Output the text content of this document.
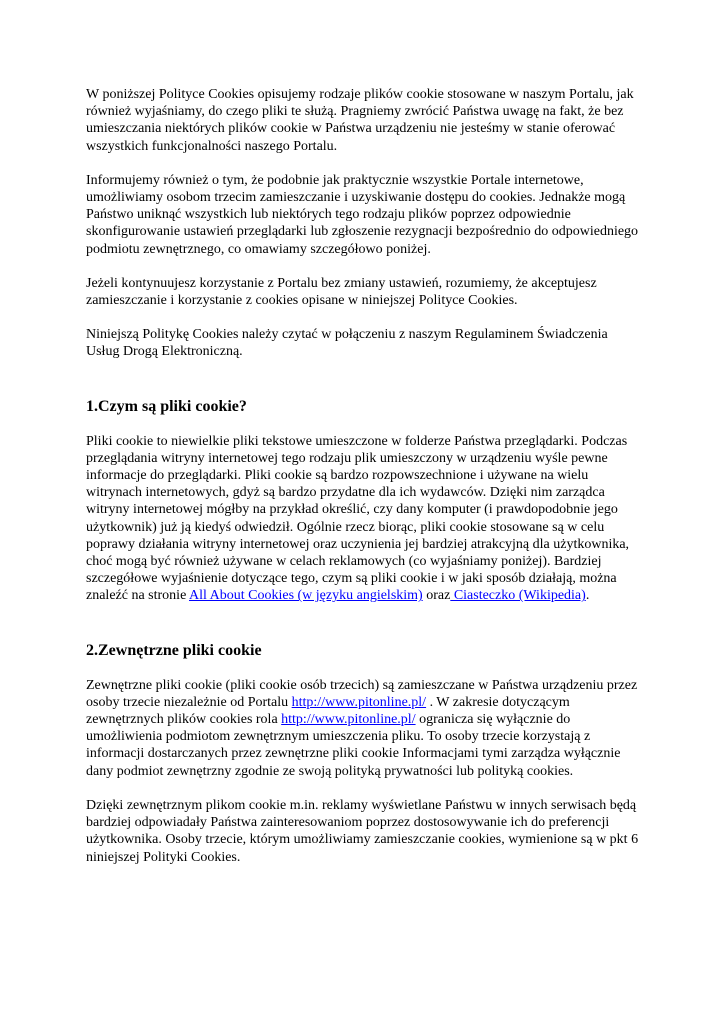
W poniższej Polityce Cookies opisujemy rodzaje plików cookie stosowane w naszym Portalu, jak również wyjaśniamy, do czego pliki te służą. Pragniemy zwrócić Państwa uwagę na fakt, że bez umieszczania niektórych plików cookie w Państwa urządzeniu nie jesteśmy w stanie oferować wszystkich funkcjonalności naszego Portalu.

Informujemy również o tym, że podobnie jak praktycznie wszystkie Portale internetowe, umożliwiamy osobom trzecim zamieszczanie i uzyskiwanie dostępu do cookies. Jednakże mogą Państwo uniknąć wszystkich lub niektórych tego rodzaju plików poprzez odpowiednie skonfigurowanie ustawień przeglądarki lub zgłoszenie rezygnacji bezpośrednio do odpowiedniego podmiotu zewnętrznego, co omawiamy szczegółowo poniżej.

Jeżeli kontynuujesz korzystanie z Portalu bez zmiany ustawień, rozumiemy, że akceptujesz zamieszczanie i korzystanie z cookies opisane w niniejszej Polityce Cookies.

Niniejszą Politykę Cookies należy czytać w połączeniu z naszym Regulaminem Świadczenia Usług Drogą Elektroniczną.

1.Czym są pliki cookie?

Pliki cookie to niewielkie pliki tekstowe umieszczone w folderze Państwa przeglądarki. Podczas przeglądania witryny internetowej tego rodzaju plik umieszczony w urządzeniu wyśle pewne informacje do przeglądarki. Pliki cookie są bardzo rozpowszechnione i używane na wielu witrynach internetowych, gdyż są bardzo przydatne dla ich wydawców. Dzięki nim zarządca witryny internetowej mógłby na przykład określić, czy dany komputer (i prawdopodobnie jego użytkownik) już ją kiedyś odwiedził. Ogólnie rzecz biorąc, pliki cookie stosowane są w celu poprawy działania witryny internetowej oraz uczynienia jej bardziej atrakcyjną dla użytkownika, choć mogą być również używane w celach reklamowych (co wyjaśniamy poniżej). Bardziej szczegółowe wyjaśnienie dotyczące tego, czym są pliki cookie i w jaki sposób działają, można znaleźć na stronie All About Cookies (w języku angielskim) oraz Ciasteczko (Wikipedia).

2.Zewnętrzne pliki cookie

Zewnętrzne pliki cookie (pliki cookie osób trzecich) są zamieszczane w Państwa urządzeniu przez osoby trzecie niezależnie od Portalu http://www.pitonline.pl/ . W zakresie dotyczącym zewnętrznych plików cookies rola http://www.pitonline.pl/ ogranicza się wyłącznie do umożliwienia podmiotom zewnętrznym umieszczenia pliku. To osoby trzecie korzystają z informacji dostarczanych przez zewnętrzne pliki cookie Informacjami tymi zarządza wyłącznie dany podmiot zewnętrzny zgodnie ze swoją polityką prywatności lub polityką cookies.

Dzięki zewnętrznym plikom cookie m.in. reklamy wyświetlane Państwu w innych serwisach będą bardziej odpowiadały Państwa zainteresowaniom poprzez dostosowywanie ich do preferencji użytkownika. Osoby trzecie, którym umożliwiamy zamieszczanie cookies, wymienione są w pkt 6 niniejszej Polityki Cookies.
